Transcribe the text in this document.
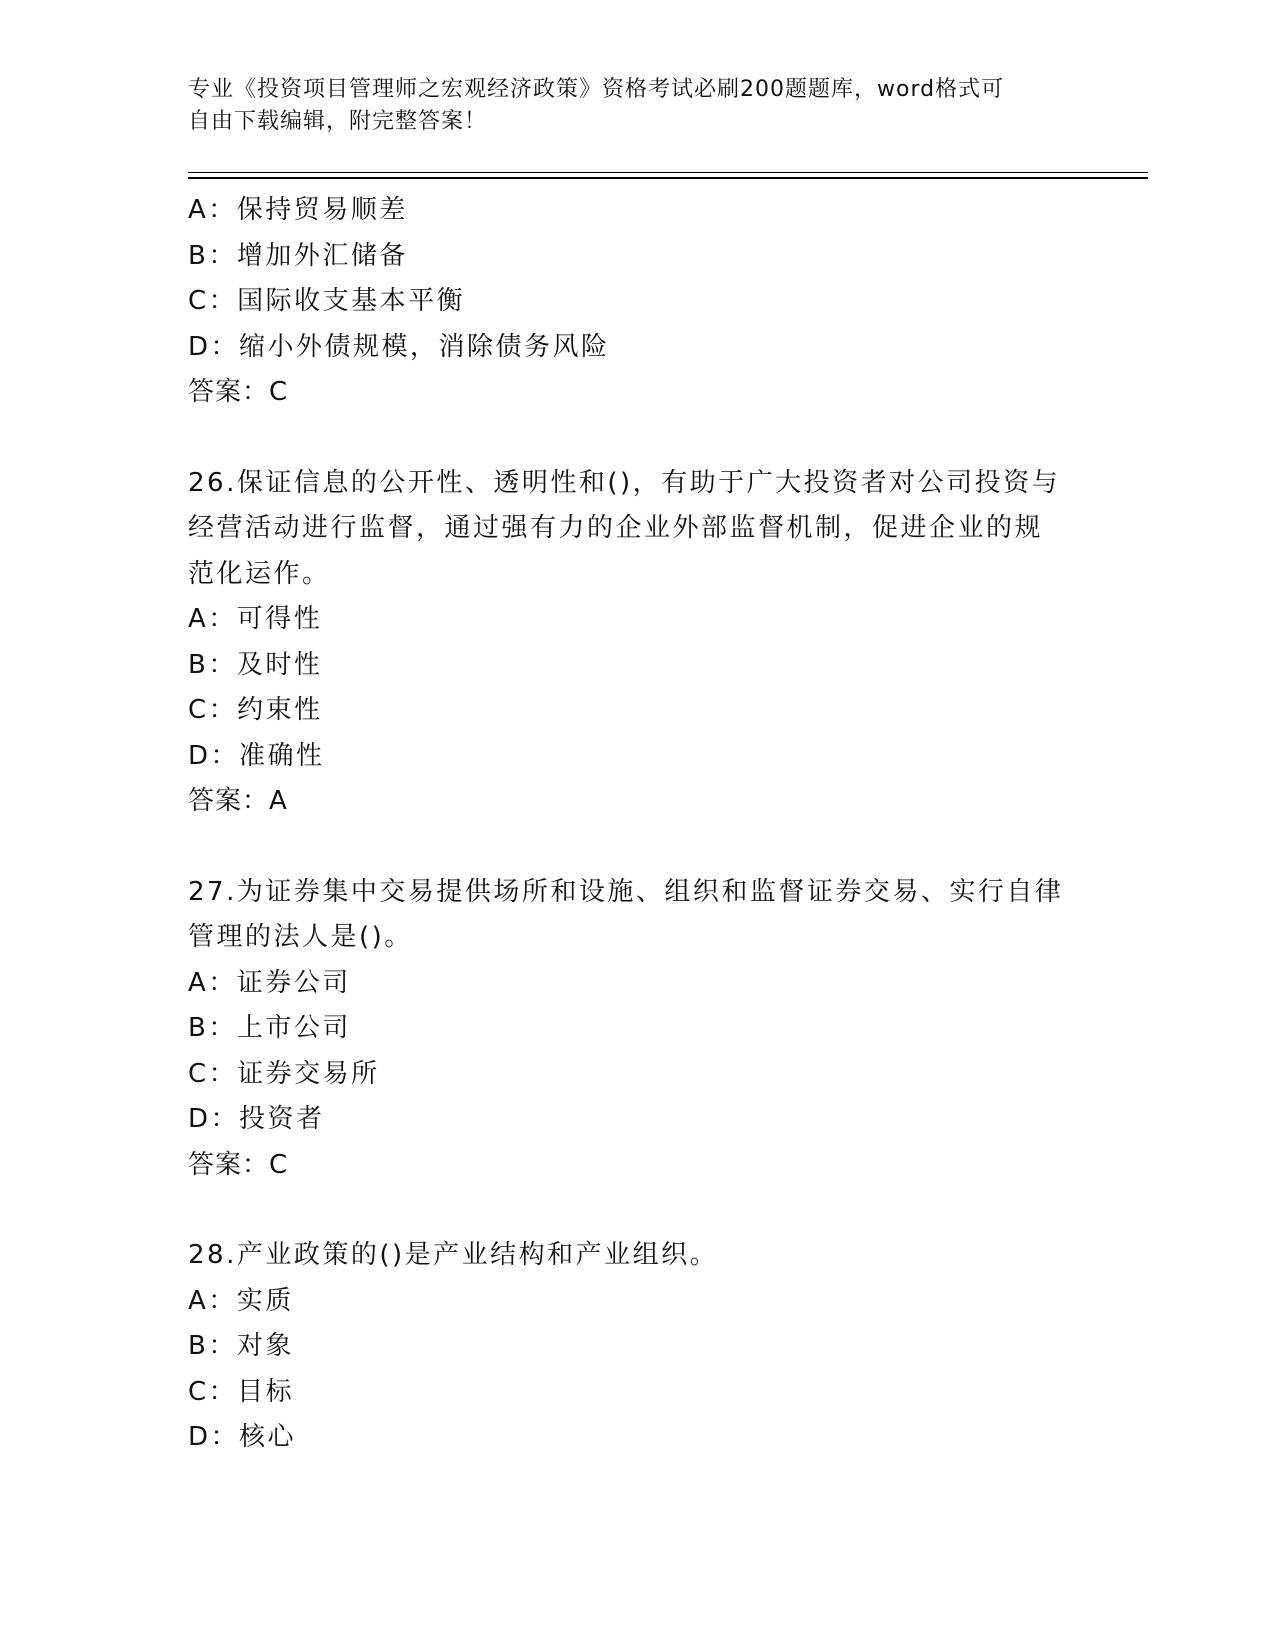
专业《投资项目管理师之宏观经济政策》资格考试必刷200题题库，word格式可
自由下载编辑，附完整答案！
A：保持贸易顺差
B：增加外汇储备
C：国际收支基本平衡
D：缩小外债规模，消除债务风险
答案：C
26.保证信息的公开性、透明性和()，有助于广大投资者对公司投资与
经营活动进行监督，通过强有力的企业外部监督机制，促进企业的规
范化运作。
A：可得性
B：及时性
C：约束性
D：准确性
答案：A
27.为证券集中交易提供场所和设施、组织和监督证券交易、实行自律
管理的法人是()。
A：证券公司
B：上市公司
C：证券交易所
D：投资者
答案：C
28.产业政策的()是产业结构和产业组织。
A：实质
B：对象
C：目标
D：核心
